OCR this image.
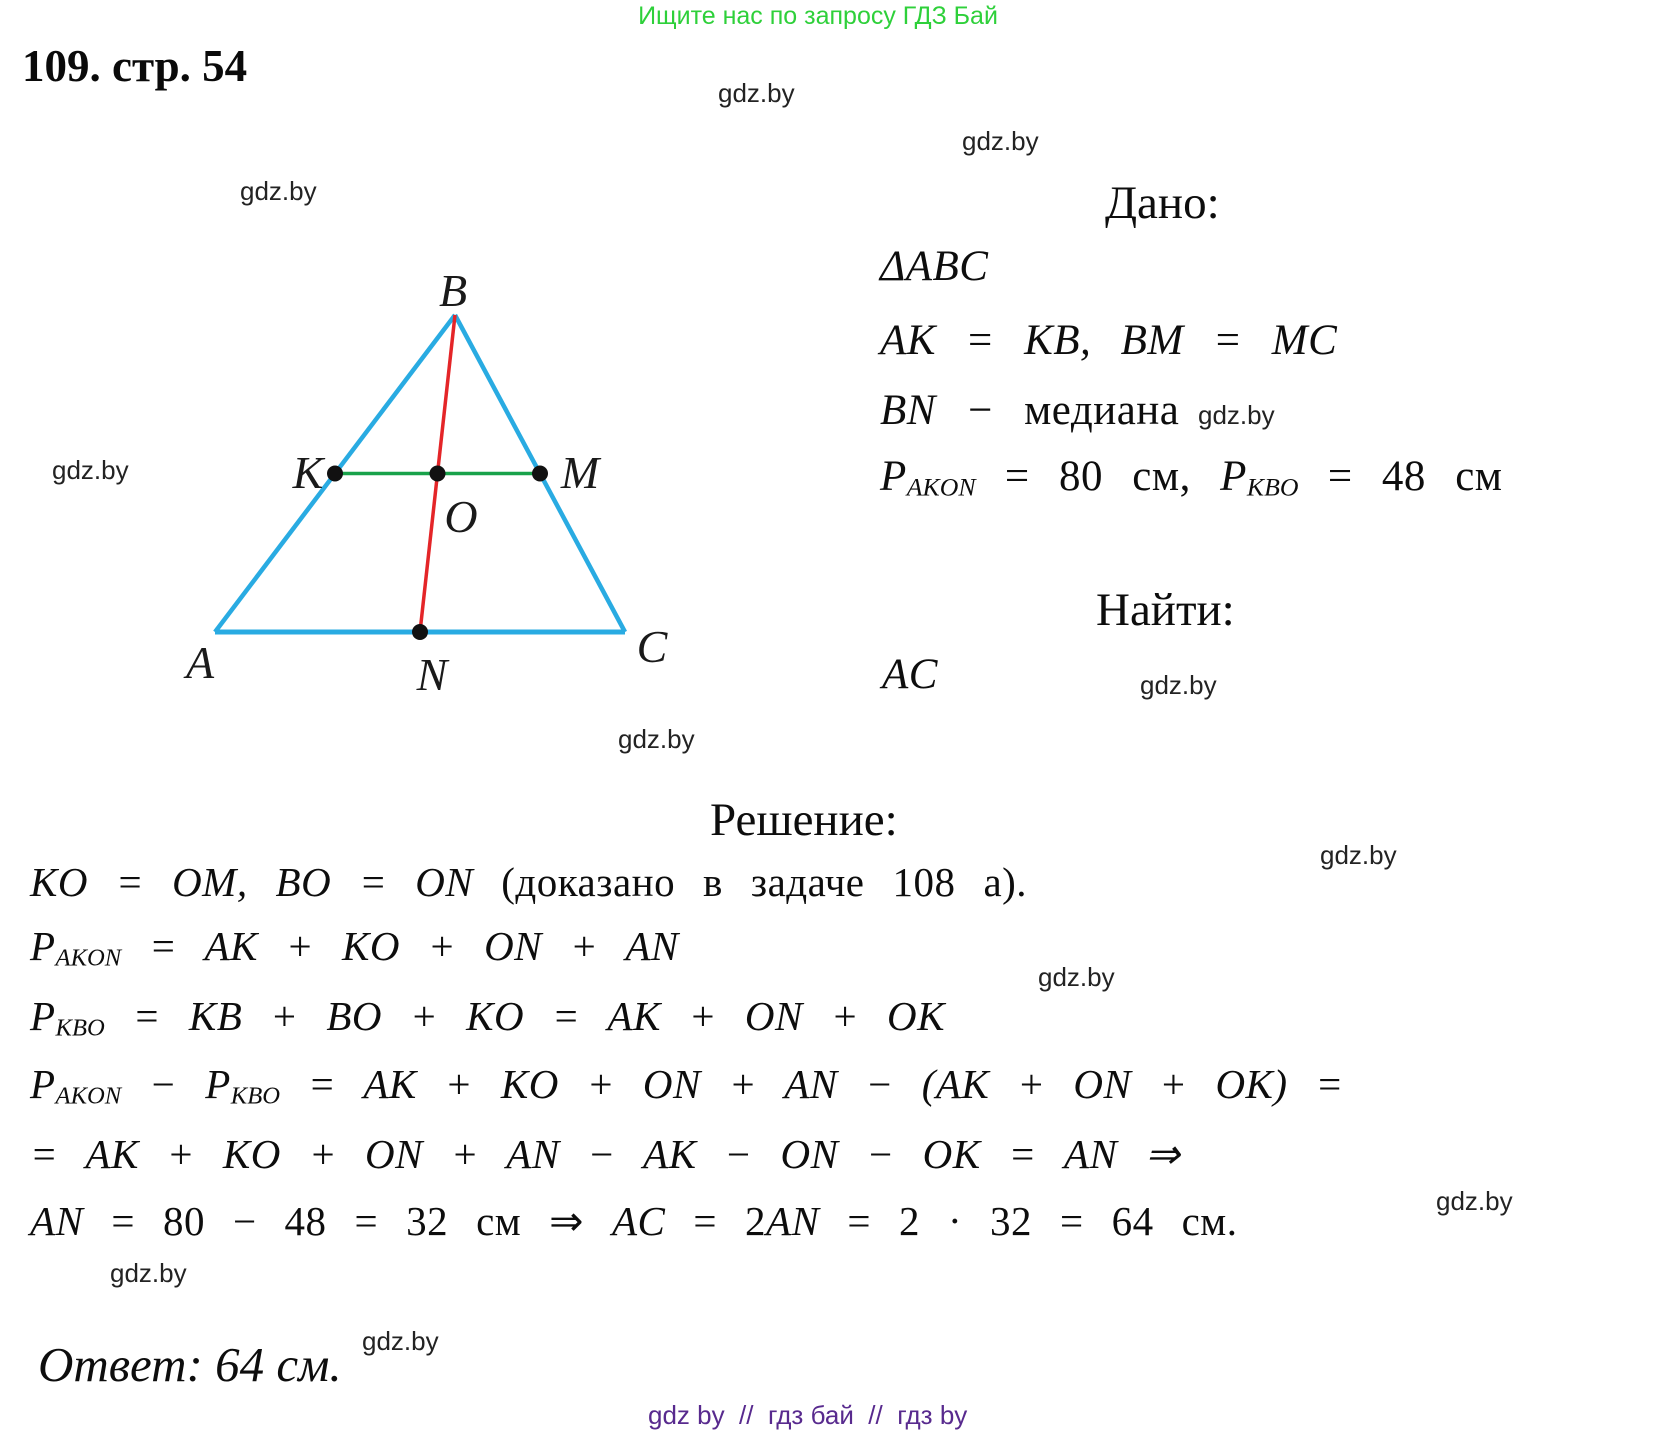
Ищите нас по запросу ГДЗ Бай
109. стр. 54
gdz.by
gdz.by
gdz.by
gdz.by
gdz.by
gdz.by
gdz.by
gdz.by
gdz.by
gdz.by
gdz.by
gdz.by
B
A	C
K	M
O
N
Дано:
ΔABC
AK = KB, BM = MC
BN − медиана
$P_{AKON} = 80$ см, $P_{KBO} = 48$ см
Найти:
AC
Решение:
KO = OM, BO = ON (доказано в задаче 108 а).
$P_{AKON}$ = AK + KO + ON + AN
$P_{KBO}$ = KB + BO + KO = AK + ON + OK
$P_{AKON} - P_{KBO}$ = AK + KO + ON + AN − (AK + ON + OK) =
= AK + KO + ON + AN − AK − ON − OK = AN ⇒
AN = 80 − 48 = 32 см ⇒ AC = 2AN = 2 · 32 = 64 см.
Ответ: 64 см.
gdz by  //  гдз бай  //  гдз by
